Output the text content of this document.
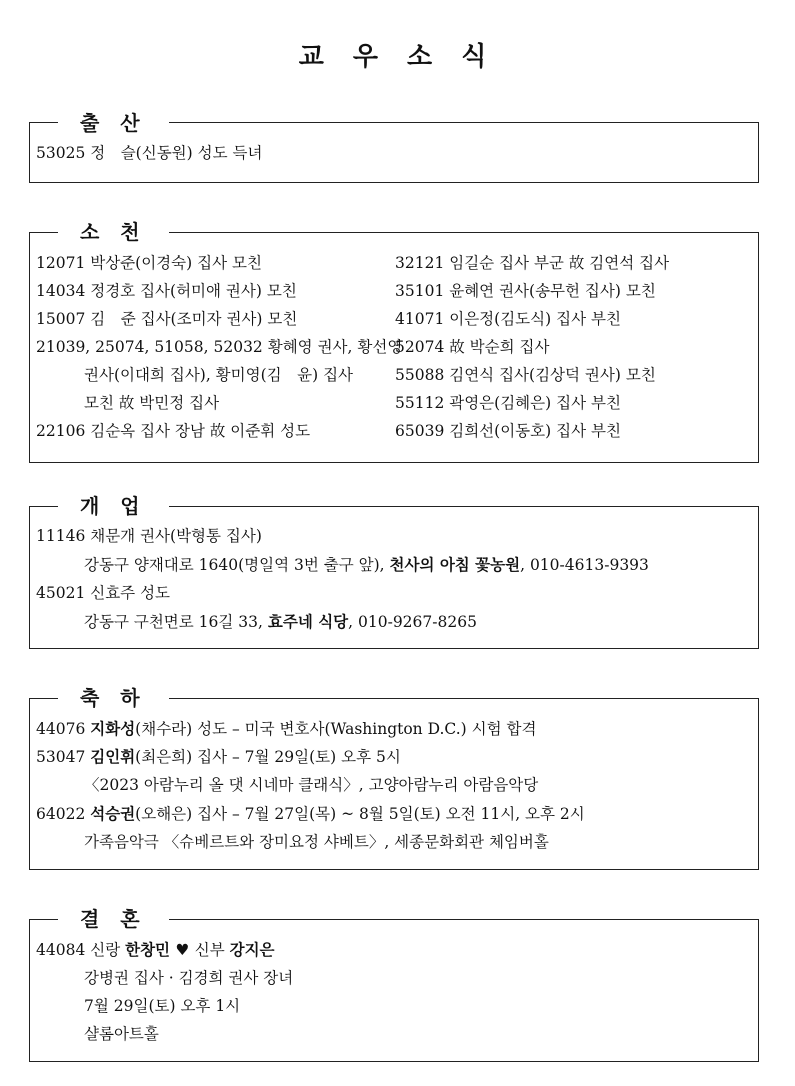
교 우 소 식
출 산
53025 정　슬(신동원) 성도 득녀
소 천
12071 박상준(이경숙) 집사 모친
14034 정경호 집사(허미애 권사) 모친
15007 김　준 집사(조미자 권사) 모친
21039, 25074, 51058, 52032 황혜영 권사, 황선영
권사(이대희 집사), 황미영(김　윤) 집사
모친 故 박민정 집사
22106 김순옥 집사 장남 故 이준휘 성도
32121 임길순 집사 부군 故 김연석 집사
35101 윤혜연 권사(송무헌 집사) 모친
41071 이은정(김도식) 집사 부친
52074 故 박순희 집사
55088 김연식 집사(김상덕 권사) 모친
55112 곽영은(김혜은) 집사 부친
65039 김희선(이동호) 집사 부친
개 업
11146 채문개 권사(박형통 집사)
강동구 양재대로 1640(명일역 3번 출구 앞), 천사의 아침 꽃농원, 010-4613-9393
45021 신효주 성도
강동구 구천면로 16길 33, 효주네 식당, 010-9267-8265
축 하
44076 지화성(채수라) 성도 – 미국 변호사(Washington D.C.) 시험 합격
53047 김인휘(최은희) 집사 – 7월 29일(토) 오후 5시
〈2023 아람누리 올 댓 시네마 클래식〉, 고양아람누리 아람음악당
64022 석승권(오해은) 집사 – 7월 27일(목) ~ 8월 5일(토) 오전 11시, 오후 2시
가족음악극 〈슈베르트와 장미요정 샤베트〉, 세종문화회관 체임버홀
결 혼
44084 신랑 한창민 ♥ 신부 강지은
강병권 집사 · 김경희 권사 장녀
7월 29일(토) 오후 1시
샬롬아트홀
